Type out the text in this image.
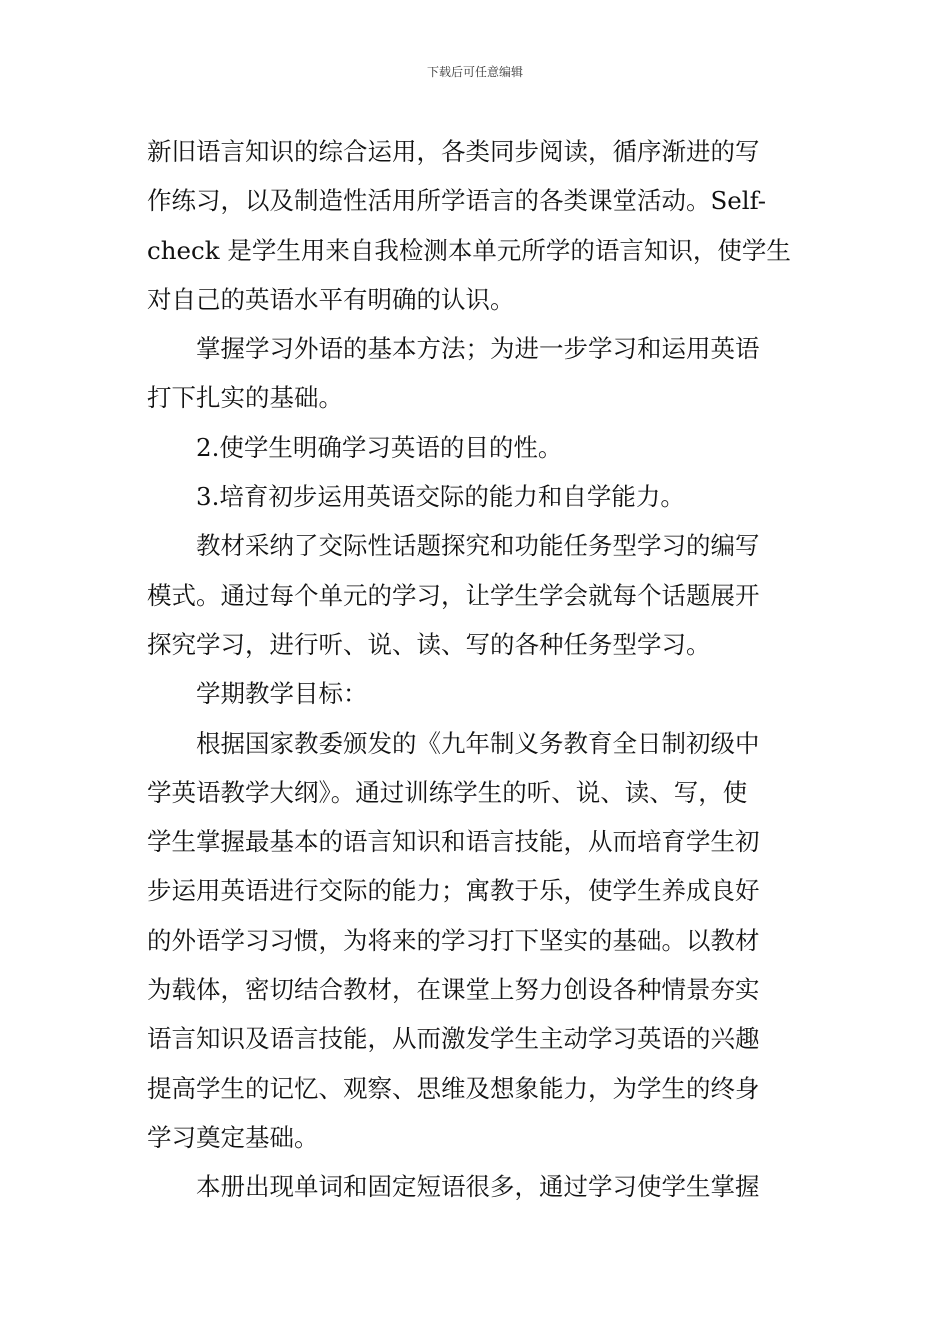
下载后可任意编辑
新旧语言知识的综合运用，各类同步阅读，循序渐进的写
作练习，以及制造性活用所学语言的各类课堂活动。Self-
check 是学生用来自我检测本单元所学的语言知识，使学生
对自己的英语水平有明确的认识。
掌握学习外语的基本方法；为进一步学习和运用英语
打下扎实的基础。
2.使学生明确学习英语的目的性。
3.培育初步运用英语交际的能力和自学能力。
教材采纳了交际性话题探究和功能任务型学习的编写
模式。通过每个单元的学习，让学生学会就每个话题展开
探究学习，进行听、说、读、写的各种任务型学习。
学期教学目标：
根据国家教委颁发的《九年制义务教育全日制初级中
学英语教学大纲》。通过训练学生的听、说、读、写，使
学生掌握最基本的语言知识和语言技能，从而培育学生初
步运用英语进行交际的能力；寓教于乐，使学生养成良好
的外语学习习惯，为将来的学习打下坚实的基础。以教材
为载体，密切结合教材，在课堂上努力创设各种情景夯实
语言知识及语言技能，从而激发学生主动学习英语的兴趣
提高学生的记忆、观察、思维及想象能力，为学生的终身
学习奠定基础。
本册出现单词和固定短语很多，通过学习使学生掌握
